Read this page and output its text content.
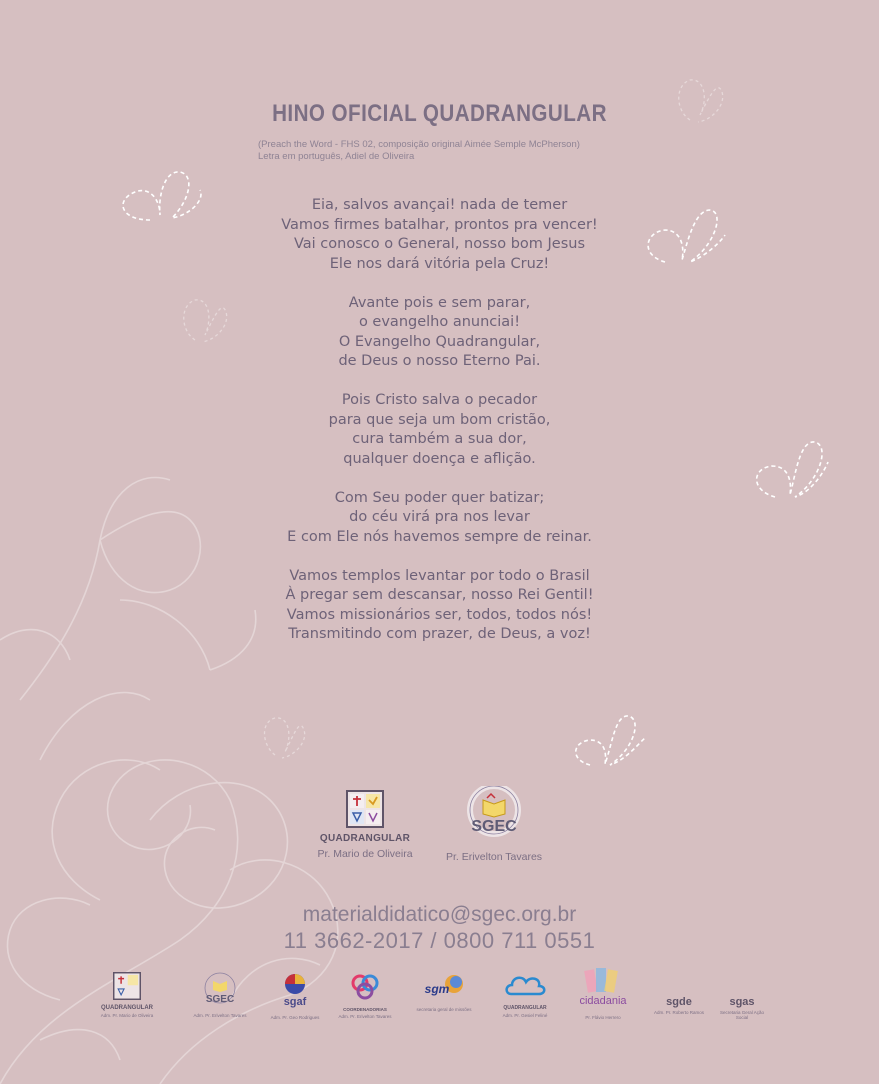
HINO OFICIAL QUADRANGULAR
(Preach the Word - FHS 02, composição original Aimée Semple McPherson)
Letra em português, Adiel de Oliveira
Eia, salvos avançai! nada de temer
Vamos firmes batalhar, prontos pra vencer!
Vai conosco o General, nosso bom Jesus
Ele nos dará vitória pela Cruz!
Avante pois e sem parar,
o evangelho anunciai!
O Evangelho Quadrangular,
de Deus o nosso Eterno Pai.
Pois Cristo salva o pecador
para que seja um bom cristão,
cura também a sua dor,
qualquer doença e aflição.
Com Seu poder quer batizar;
do céu virá pra nos levar
E com Ele nós havemos sempre de reinar.
Vamos templos levantar por todo o Brasil
À pregar sem descansar, nosso Rei Gentil!
Vamos missionários ser, todos, todos nós!
Transmitindo com prazer, de Deus, a voz!
QUADRANGULAR
Pr. Mario de Oliveira
SGEC
Pr. Erivelton Tavares
materialdidatico@sgec.org.br
11 3662-2017 / 0800 711 0551
QUADRANGULAR
Adm. Pr. Mario de Oliveira
SGEC
Adm. Pr. Erivelton Tavares
sgaf
Adm. Pr. Geo Rodrigues
COORDENADORIAS
Adm. Pr. Erivelton Tavares
sgm
secretaria geral de missões	QUADRANGULAR
Adm. Pr. Gesiel Feliné
cidadania
Pr. Flávio Herrero
sgde
Adm. Pr. Roberto Ramos
sgas
Secretaria Geral Ação Social
